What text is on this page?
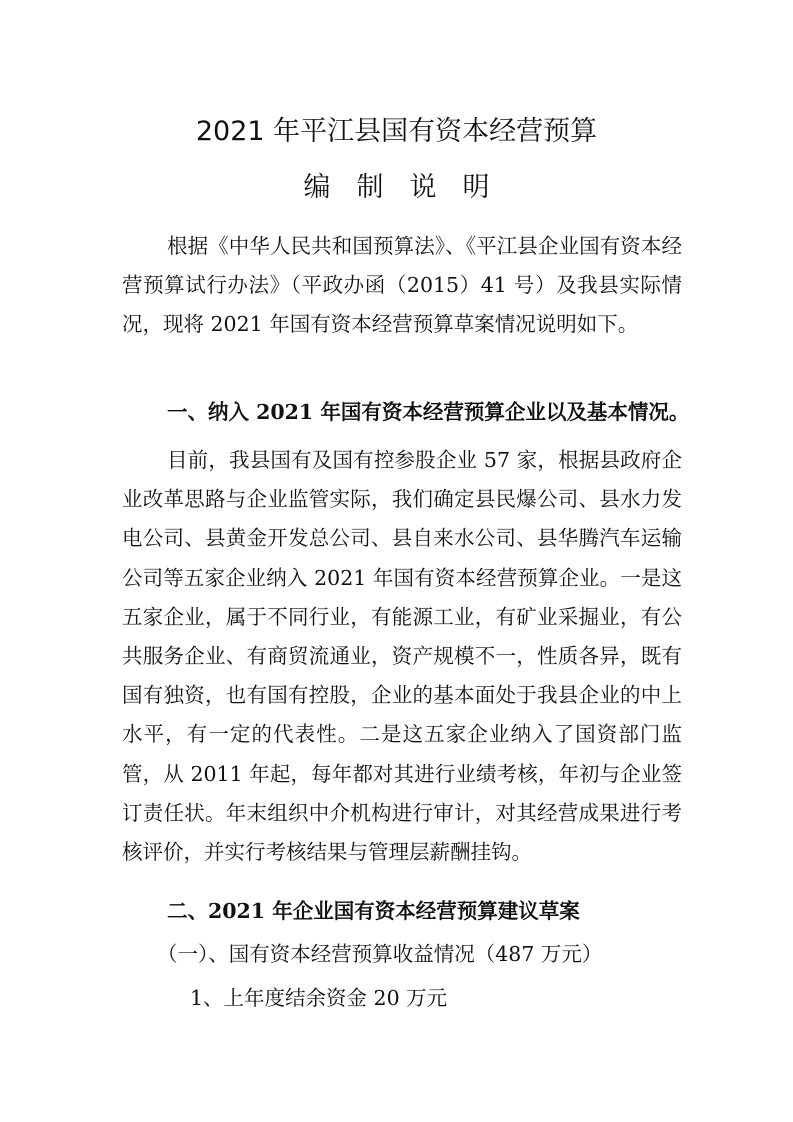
2021 年平江县国有资本经营预算
编制说明

根据《中华人民共和国预算法》、《平江县企业国有资本经营预算试行办法》（平政办函（2015）41 号）及我县实际情况，现将 2021 年国有资本经营预算草案情况说明如下。

一、纳入 2021 年国有资本经营预算企业以及基本情况。

目前，我县国有及国有控参股企业 57 家，根据县政府企业改革思路与企业监管实际，我们确定县民爆公司、县水力发电公司、县黄金开发总公司、县自来水公司、县华腾汽车运输公司等五家企业纳入 2021 年国有资本经营预算企业。一是这五家企业，属于不同行业，有能源工业，有矿业采掘业，有公共服务企业、有商贸流通业，资产规模不一，性质各异，既有国有独资，也有国有控股，企业的基本面处于我县企业的中上水平，有一定的代表性。二是这五家企业纳入了国资部门监管，从 2011 年起，每年都对其进行业绩考核，年初与企业签订责任状。年末组织中介机构进行审计，对其经营成果进行考核评价，并实行考核结果与管理层薪酬挂钩。

二、2021 年企业国有资本经营预算建议草案

（一）、国有资本经营预算收益情况（487 万元）

1、上年度结余资金 20 万元
